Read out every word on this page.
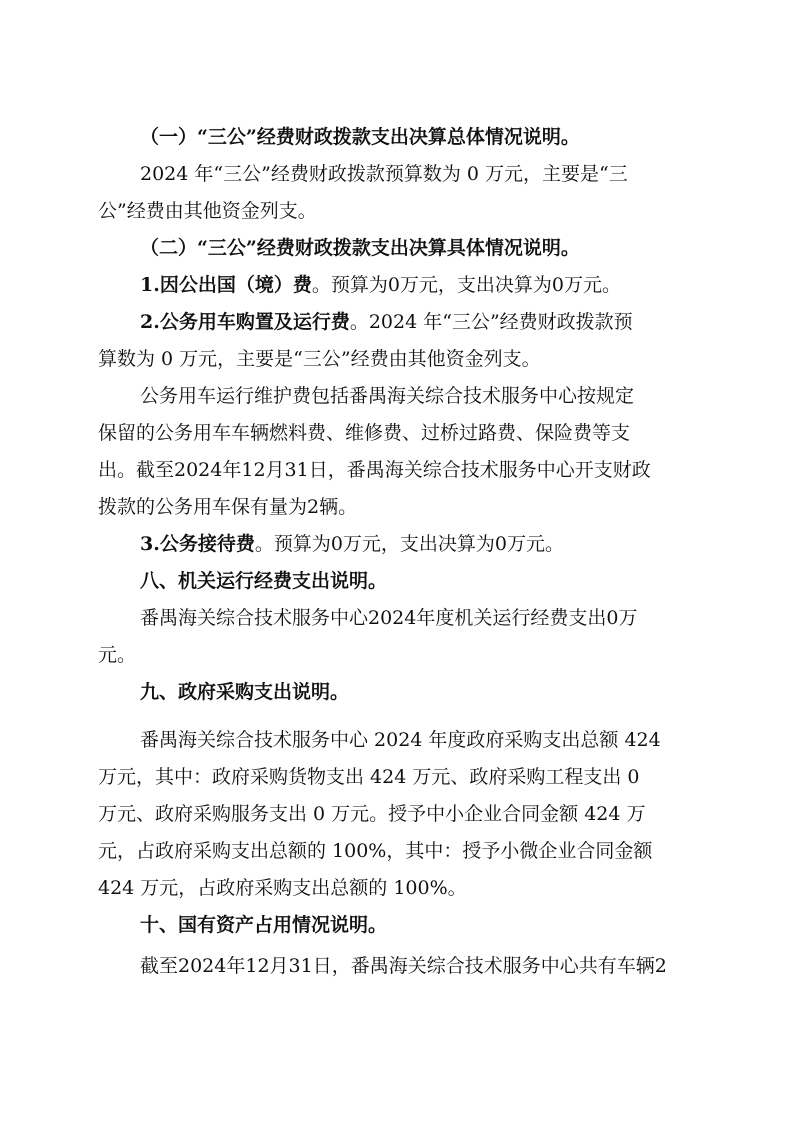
（一）“三公”经费财政拨款支出决算总体情况说明。
2024 年“三公”经费财政拨款预算数为 0 万元，主要是“三
公”经费由其他资金列支。
（二）“三公”经费财政拨款支出决算具体情况说明。
1.因公出国（境）费。预算为0万元，支出决算为0万元。
2.公务用车购置及运行费。2024 年“三公”经费财政拨款预
算数为 0 万元，主要是“三公”经费由其他资金列支。
公务用车运行维护费包括番禺海关综合技术服务中心按规定
保留的公务用车车辆燃料费、维修费、过桥过路费、保险费等支
出。截至2024年12月31日，番禺海关综合技术服务中心开支财政
拨款的公务用车保有量为2辆。
3.公务接待费。预算为0万元，支出决算为0万元。
八、机关运行经费支出说明。
番禺海关综合技术服务中心2024年度机关运行经费支出0万
元。
九、政府采购支出说明。
番禺海关综合技术服务中心 2024 年度政府采购支出总额 424
万元，其中：政府采购货物支出 424 万元、政府采购工程支出 0
万元、政府采购服务支出 0 万元。授予中小企业合同金额 424 万
元，占政府采购支出总额的 100%，其中：授予小微企业合同金额
424 万元，占政府采购支出总额的 100%。
十、国有资产占用情况说明。
截至2024年12月31日，番禺海关综合技术服务中心共有车辆2
